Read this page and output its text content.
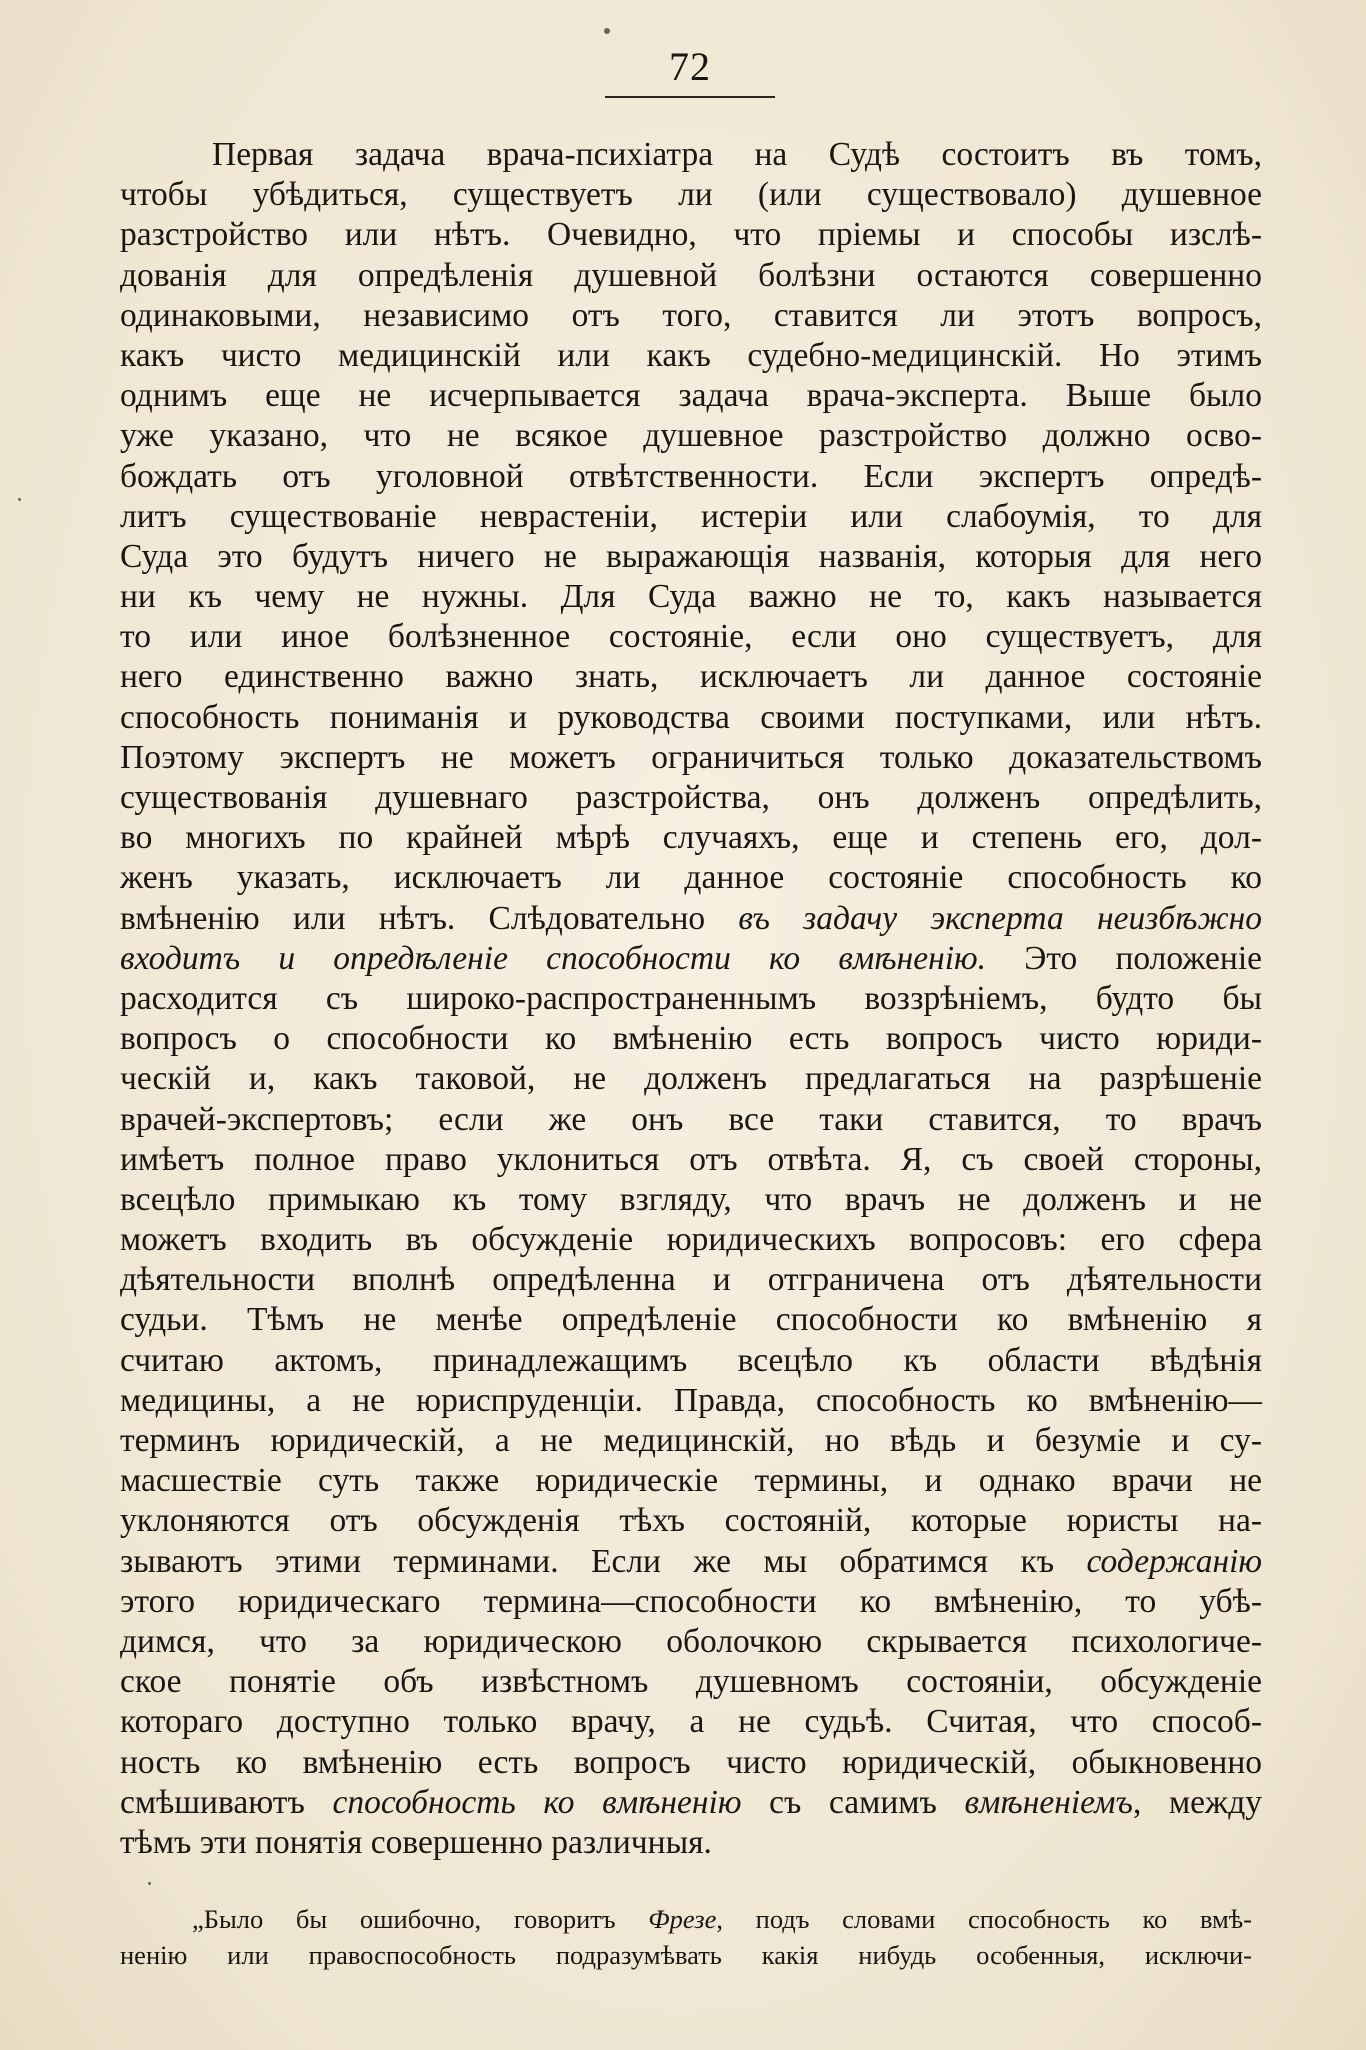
72
Первая задача врача-психіатра на Судѣ состоитъ въ томъ,
чтобы убѣдиться, существуетъ ли (или существовало) душевное
разстройство или нѣтъ. Очевидно, что пріемы и способы изслѣ-
дованія для опредѣленія душевной болѣзни остаются совершенно
одинаковыми, независимо отъ того, ставится ли этотъ вопросъ,
какъ чисто медицинскій или какъ судебно-медицинскій. Но этимъ
однимъ еще не исчерпывается задача врача-эксперта. Выше было
уже указано, что не всякое душевное разстройство должно осво-
бождать отъ уголовной отвѣтственности. Если экспертъ опредѣ-
литъ существованіе неврастеніи, истеріи или слабоумія, то для
Суда это будутъ ничего не выражающія названія, которыя для него
ни къ чему не нужны. Для Суда важно не то, какъ называется
то или иное болѣзненное состояніе, если оно существуетъ, для
него единственно важно знать, исключаетъ ли данное состояніе
способность пониманія и руководства своими поступками, или нѣтъ.
Поэтому экспертъ не можетъ ограничиться только доказательствомъ
существованія душевнаго разстройства, онъ долженъ опредѣлить,
во многихъ по крайней мѣрѣ случаяхъ, еще и степень его, дол-
женъ указать, исключаетъ ли данное состояніе способность ко
вмѣненію или нѣтъ. Слѣдовательно въ задачу эксперта неизбѣжно
входитъ и опредѣленіе способности ко вмѣненію. Это положеніе
расходится съ широко-распространеннымъ воззрѣніемъ, будто бы
вопросъ о способности ко вмѣненію есть вопросъ чисто юриди-
ческій и, какъ таковой, не долженъ предлагаться на разрѣшеніе
врачей-экспертовъ; если же онъ все таки ставится, то врачъ
имѣетъ полное право уклониться отъ отвѣта. Я, съ своей стороны,
всецѣло примыкаю къ тому взгляду, что врачъ не долженъ и не
можетъ входить въ обсужденіе юридическихъ вопросовъ: его сфера
дѣятельности вполнѣ опредѣленна и отграничена отъ дѣятельности
судьи. Тѣмъ не менѣе опредѣленіе способности ко вмѣненію я
считаю актомъ, принадлежащимъ всецѣло къ области вѣдѣнія
медицины, а не юриспруденціи. Правда, способность ко вмѣненію—
терминъ юридическій, а не медицинскій, но вѣдь и безуміе и су-
масшествіе суть также юридическіе термины, и однако врачи не
уклоняются отъ обсужденія тѣхъ состояній, которые юристы на-
зываютъ этими терминами. Если же мы обратимся къ содержанію
этого юридическаго термина—способности ко вмѣненію, то убѣ-
димся, что за юридическою оболочкою скрывается психологиче-
ское понятіе объ извѣстномъ душевномъ состояніи, обсужденіе
котораго доступно только врачу, а не судьѣ. Считая, что способ-
ность ко вмѣненію есть вопросъ чисто юридическій, обыкновенно
смѣшиваютъ способность ко вмѣненію съ самимъ вмѣненіемъ, между
тѣмъ эти понятія совершенно различныя.
„Было бы ошибочно, говоритъ Фрезе, подъ словами способность ко вмѣ-
ненію или правоспособность подразумѣвать какія нибудь особенныя, исключи-
